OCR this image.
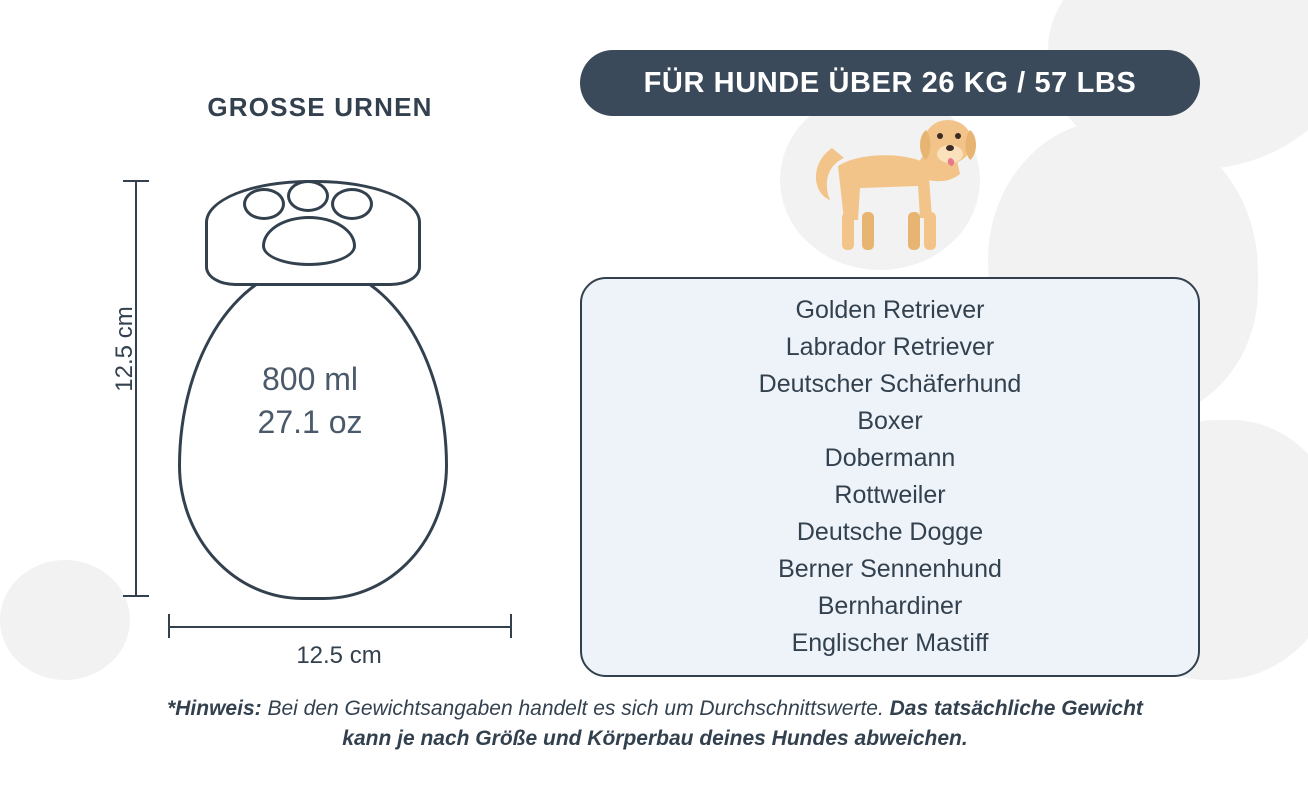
GROSSE URNEN
12.5 cm	800 ml
27.1 oz
12.5 cm
FÜR HUNDE ÜBER 26 KG / 57 LBS
Golden Retriever
Labrador Retriever
Deutscher Schäferhund
Boxer
Dobermann
Rottweiler
Deutsche Dogge
Berner Sennenhund
Bernhardiner
Englischer Mastiff
*Hinweis: Bei den Gewichtsangaben handelt es sich um Durchschnittswerte. Das tatsächliche Gewicht kann je nach Größe und Körperbau deines Hundes abweichen.
